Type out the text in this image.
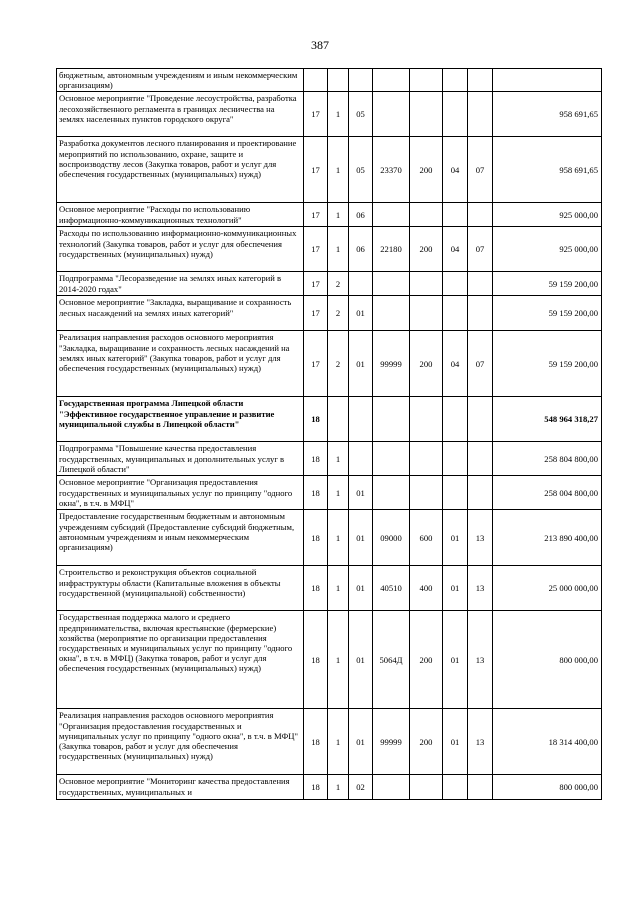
387
бюджетным, автономным учреждениям и иным некоммерческим организациям)								
Основное мероприятие "Проведение лесоустройства, разработка лесохозяйственного регламента в границах лесничества на землях населенных пунктов городского округа"	17	1	05					958 691,65
Разработка документов лесного планирования и проектирование мероприятий по использованию, охране, защите и воспроизводству лесов (Закупка товаров, работ и услуг для обеспечения государственных (муниципальных) нужд)	17	1	05	23370	200	04	07	958 691,65
Основное мероприятие "Расходы по использованию информационно-коммуникационных технологий"	17	1	06					925 000,00
Расходы по использованию информационно-коммуникационных технологий (Закупка товаров, работ и услуг для обеспечения государственных (муниципальных) нужд)	17	1	06	22180	200	04	07	925 000,00
Подпрограмма "Лесоразведение на землях иных категорий в 2014-2020 годах"	17	2						59 159 200,00
Основное мероприятие "Закладка, выращивание и сохранность лесных насаждений на землях иных категорий"	17	2	01					59 159 200,00
Реализация направления расходов основного мероприятия "Закладка, выращивание и сохранность лесных насаждений на землях иных категорий" (Закупка товаров, работ и услуг для обеспечения государственных (муниципальных) нужд)	17	2	01	99999	200	04	07	59 159 200,00
Государственная программа Липецкой области "Эффективное государственное управление и развитие муниципальной службы в Липецкой области"	18							548 964 318,27
Подпрограмма "Повышение качества предоставления государственных, муниципальных и дополнительных услуг в Липецкой области"	18	1						258 804 800,00
Основное мероприятие "Организация предоставления государственных и муниципальных услуг по принципу "одного окна", в т.ч. в МФЦ"	18	1	01					258 004 800,00
Предоставление государственным бюджетным и автономным учреждениям субсидий (Предоставление субсидий бюджетным, автономным учреждениям и иным некоммерческим организациям)	18	1	01	09000	600	01	13	213 890 400,00
Строительство и реконструкция объектов социальной инфраструктуры области (Капитальные вложения в объекты государственной (муниципальной) собственности)	18	1	01	40510	400	01	13	25 000 000,00
Государственная поддержка малого и среднего предпринимательства, включая крестьянские (фермерские) хозяйства (мероприятие по организации предоставления государственных и муниципальных услуг по принципу "одного окна", в т.ч. в МФЦ) (Закупка товаров, работ и услуг для обеспечения государственных (муниципальных) нужд)	18	1	01	5064Д	200	01	13	800 000,00
Реализация направления расходов основного мероприятия "Организация предоставления государственных и муниципальных услуг по принципу "одного окна", в т.ч. в МФЦ" (Закупка товаров, работ и услуг для обеспечения государственных (муниципальных) нужд)	18	1	01	99999	200	01	13	18 314 400,00
Основное мероприятие "Мониторинг качества предоставления государственных, муниципальных и	18	1	02					800 000,00
